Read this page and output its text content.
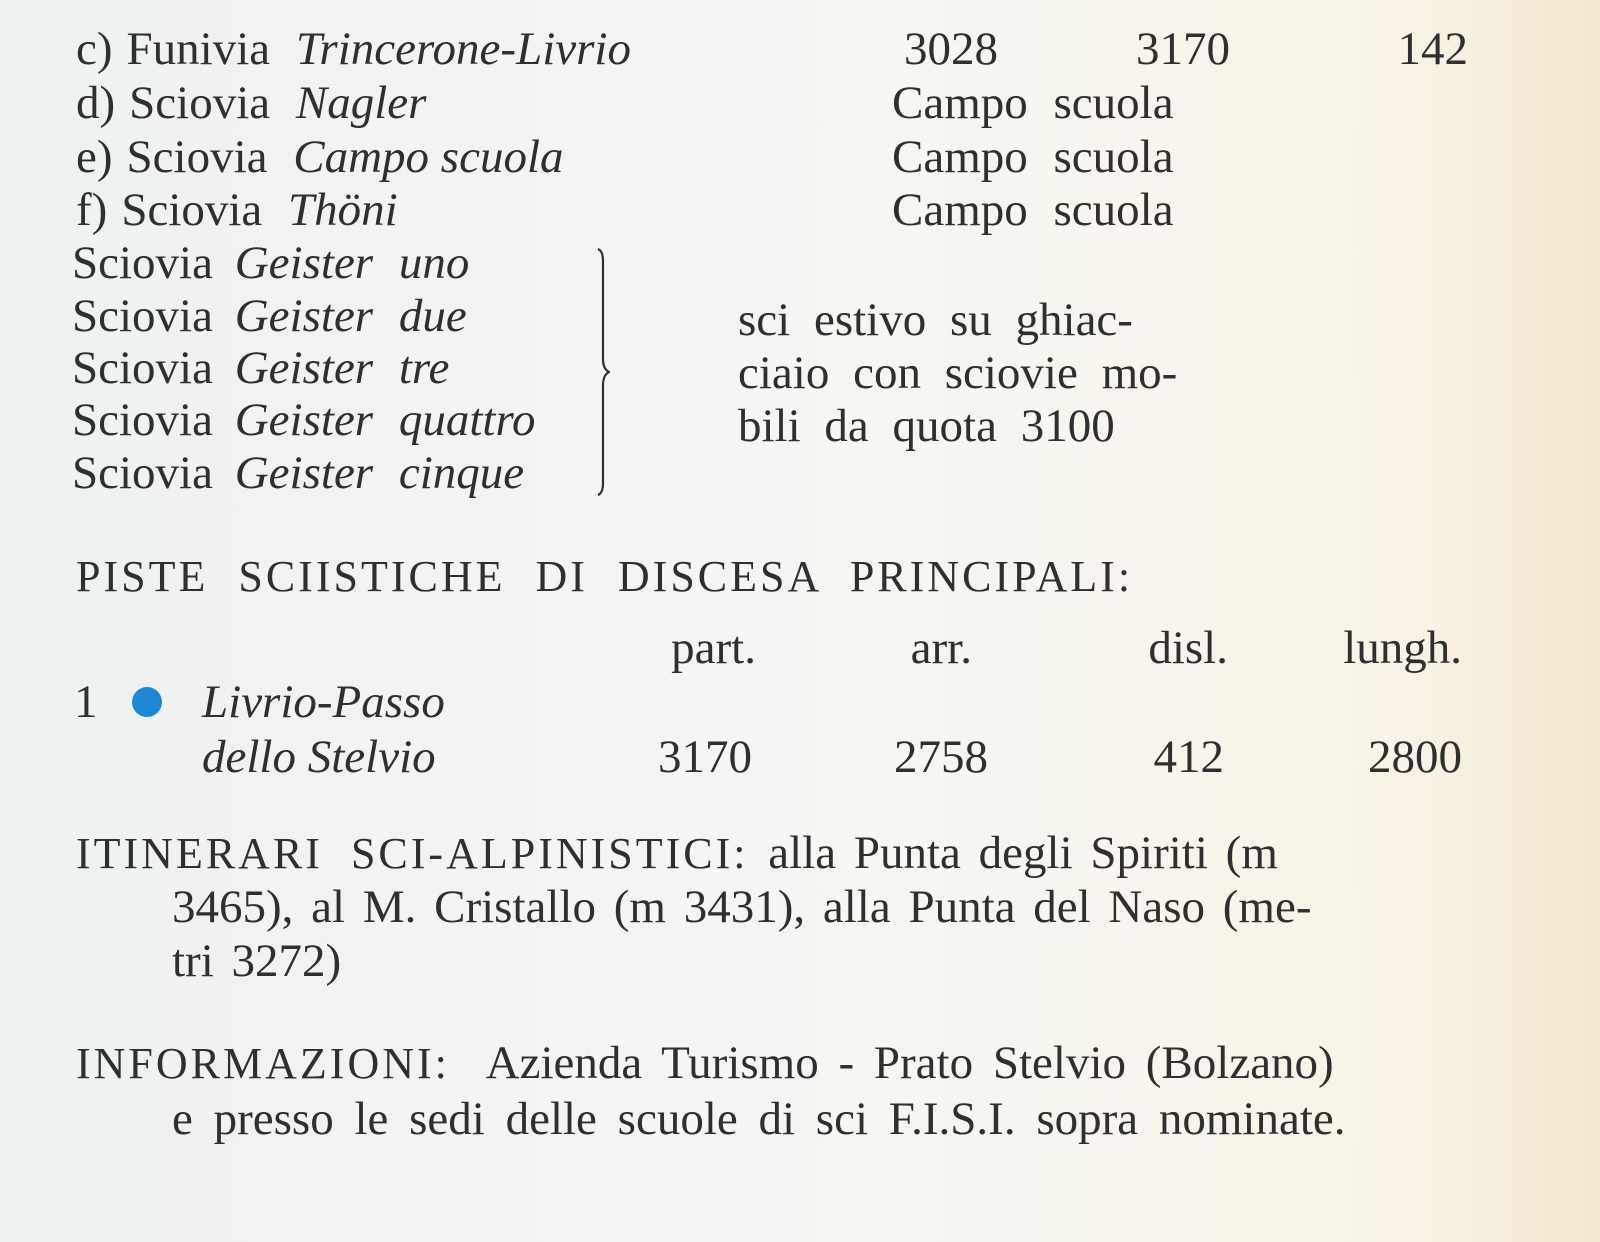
c) Funivia Trincerone-Livrio	3028	3170	142
d) Sciovia Nagler	Campo scuola
e) Sciovia Campo scuola	Campo scuola
f) Sciovia Thöni	Campo scuola
Sciovia Geister uno
Sciovia Geister due
Sciovia Geister tre
Sciovia Geister quattro
Sciovia Geister cinque
sci estivo su ghiac-
ciaio con sciovie mo-
bili da quota 3100
PISTE SCIISTICHE DI DISCESA PRINCIPALI:
part.	arr.	disl.	lungh.
1 Livrio-Passo
dello Stelvio	3170	2758	412	2800
ITINERARI SCI-ALPINISTICI: alla Punta degli Spiriti (m
3465), al M. Cristallo (m 3431), alla Punta del Naso (me-
tri 3272)
INFORMAZIONI: Azienda Turismo - Prato Stelvio (Bolzano)
e presso le sedi delle scuole di sci F.I.S.I. sopra nominate.
